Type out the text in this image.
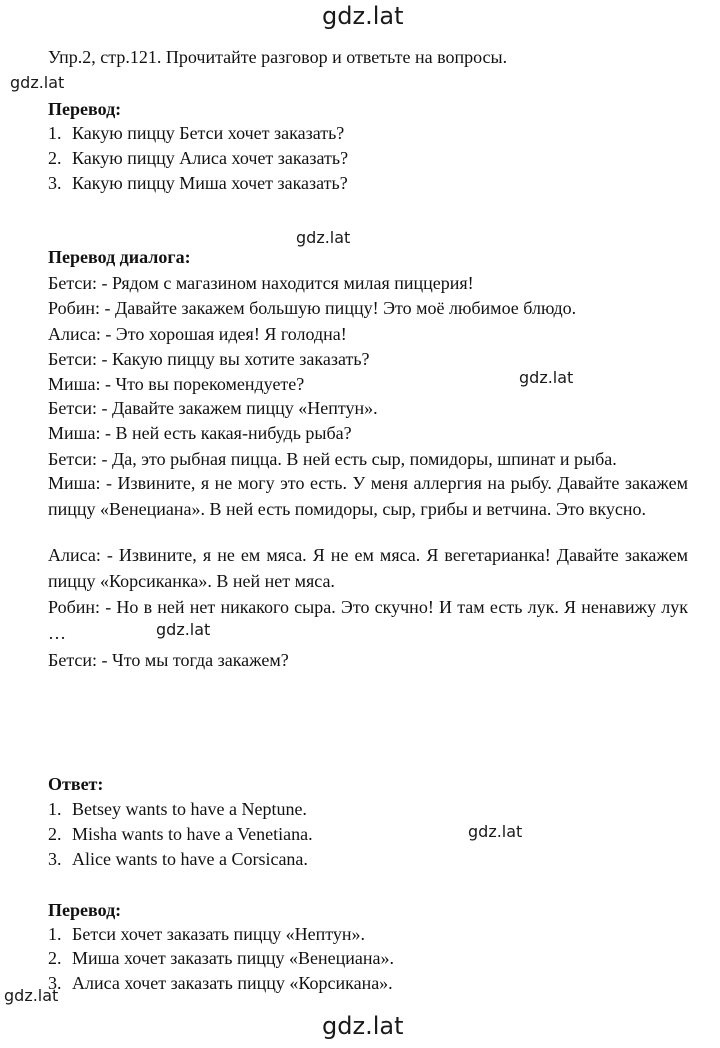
gdz.lat
gdz.lat
gdz.lat
gdz.lat
gdz.lat
gdz.lat
gdz.lat
gdz.lat
Упр.2, стр.121. Прочитайте разговор и ответьте на вопросы.
Перевод:
1. Какую пиццу Бетси хочет заказать?
2. Какую пиццу Алиса хочет заказать?
3. Какую пиццу Миша хочет заказать?
Перевод диалога:
Бетси: - Рядом с магазином находится милая пиццерия!
Робин: - Давайте закажем большую пиццу! Это моё любимое блюдо.
Алиса: - Это хорошая идея! Я голодна!
Бетси: - Какую пиццу вы хотите заказать?
Миша: - Что вы порекомендуете?
Бетси: - Давайте закажем пиццу «Нептун».
Миша: - В ней есть какая-нибудь рыба?
Бетси: - Да, это рыбная пицца. В ней есть сыр, помидоры, шпинат и рыба.
Миша: - Извините, я не могу это есть. У меня аллергия на рыбу. Давайте закажем пиццу «Венециана». В ней есть помидоры, сыр, грибы и ветчина. Это вкусно.
Алиса: - Извините, я не ем мяса. Я не ем мяса. Я вегетарианка! Давайте закажем пиццу «Корсиканка». В ней нет мяса.
Робин: - Но в ней нет никакого сыра. Это скучно! И там есть лук. Я ненавижу лук …
Бетси: - Что мы тогда закажем?
Ответ:
1. Betsey wants to have a Neptune.
2. Misha wants to have a Venetiana.
3. Alice wants to have a Corsicana.
Перевод:
1. Бетси хочет заказать пиццу «Нептун».
2. Миша хочет заказать пиццу «Венециана».
3. Алиса хочет заказать пиццу «Корсикана».
